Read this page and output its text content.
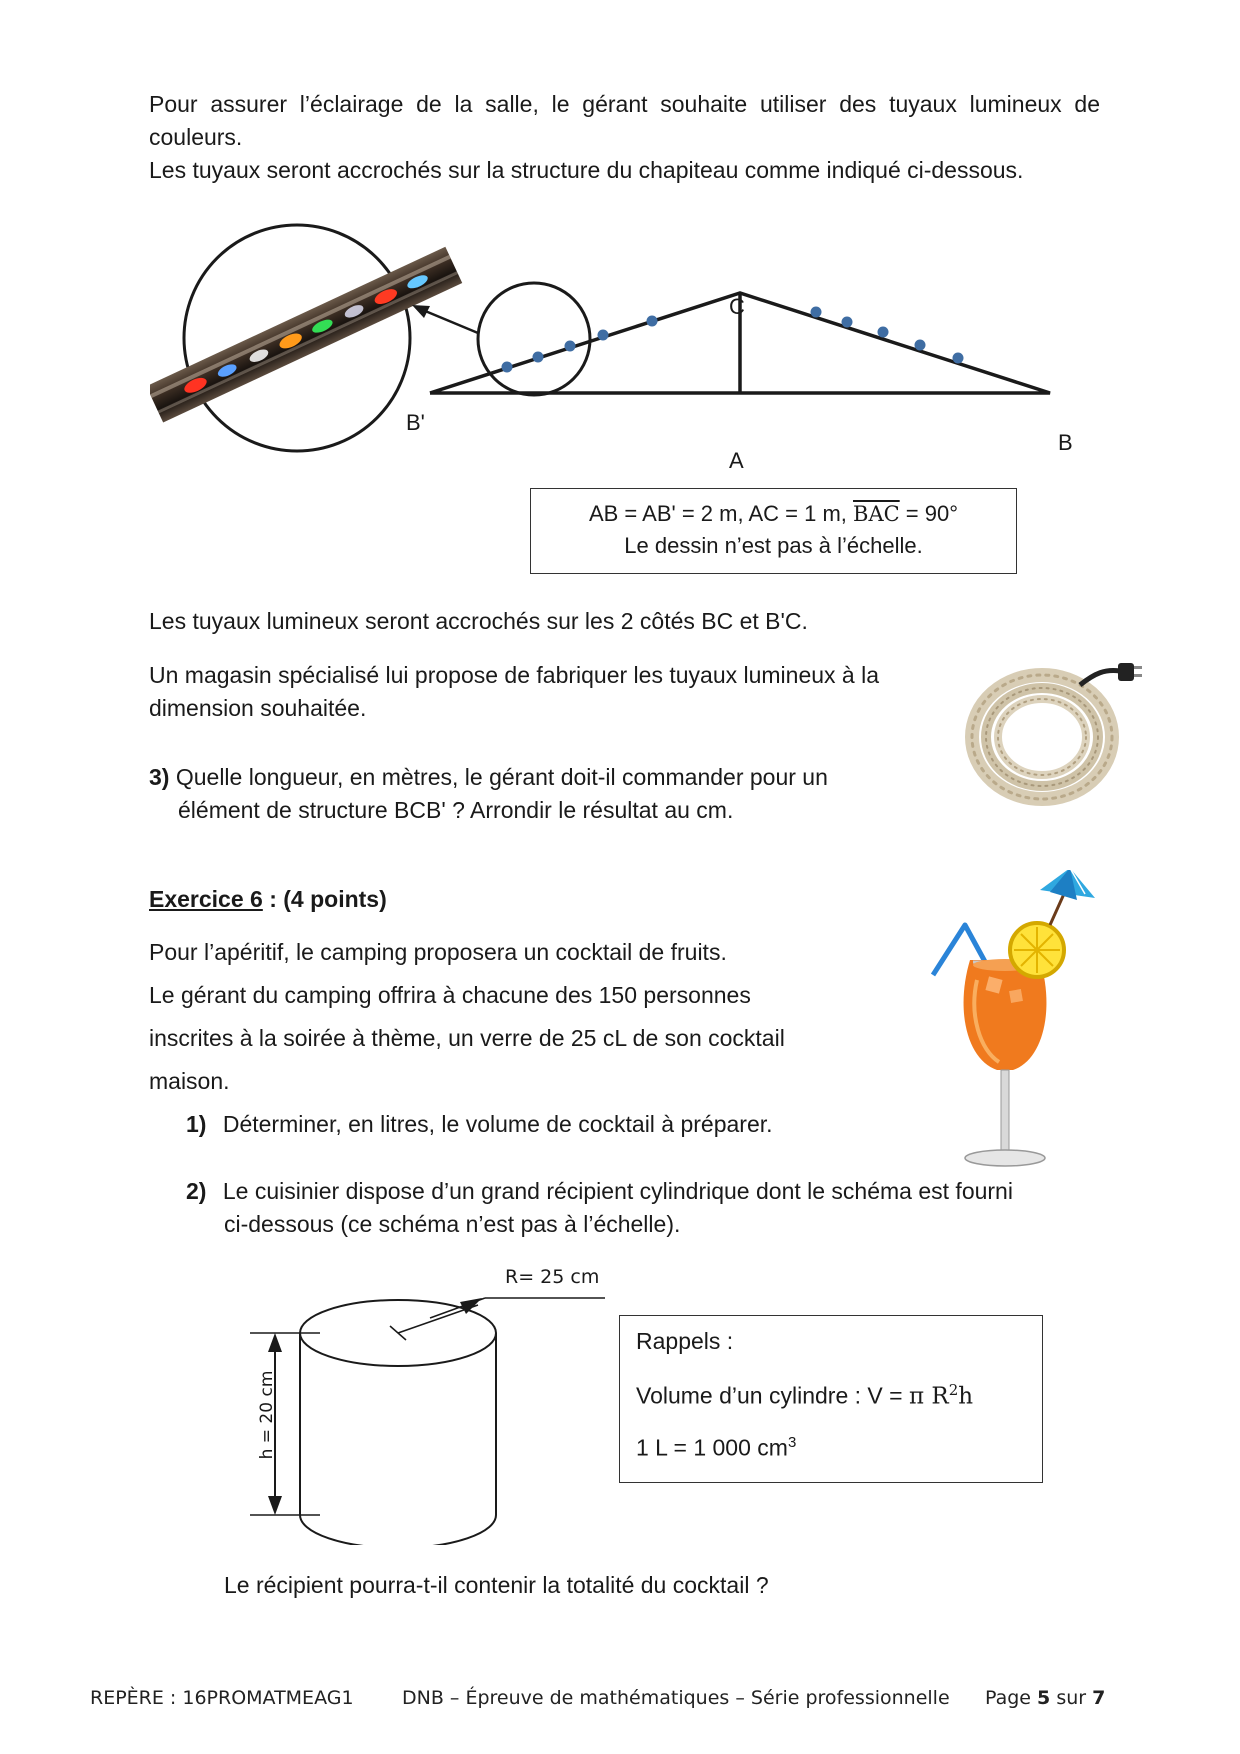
Pour assurer l’éclairage de la salle, le gérant souhaite utiliser des tuyaux lumineux de couleurs.
Les tuyaux seront accrochés sur la structure du chapiteau comme indiqué ci-dessous.
C
A
B
B'
AB = AB' = 2 m, AC = 1 m, $\overline{BAC} = 90^\circ$
Le dessin n’est pas à l’échelle.
Les tuyaux lumineux seront accrochés sur les 2 côtés BC et B'C.
Un magasin spécialisé lui propose de fabriquer les tuyaux lumineux à la dimension souhaitée.
3) Quelle longueur, en mètres, le gérant doit-il commander pour un
élément de structure BCB' ? Arrondir le résultat au cm.
Exercice 6 : (4 points)
Pour l’apéritif, le camping proposera un cocktail de fruits.
Le gérant du camping offrira à chacune des 150 personnes
inscrites à la soirée à thème, un verre de 25 cL de son cocktail
maison.
1) Déterminer, en litres, le volume de cocktail à préparer.
2) Le cuisinier dispose d’un grand récipient cylindrique dont le schéma est fourni
ci-dessous (ce schéma n’est pas à l’échelle).
R= 25 cm
h = 20 cm
Rappels :
Volume d’un cylindre : V = π $R^2h$
1 L = 1 000 $cm^3$
Le récipient pourra-t-il contenir la totalité du cocktail ?
REPÈRE : 16PROMATMEAG1	DNB – Épreuve de mathématiques – Série professionnelle Page 5 sur 7
